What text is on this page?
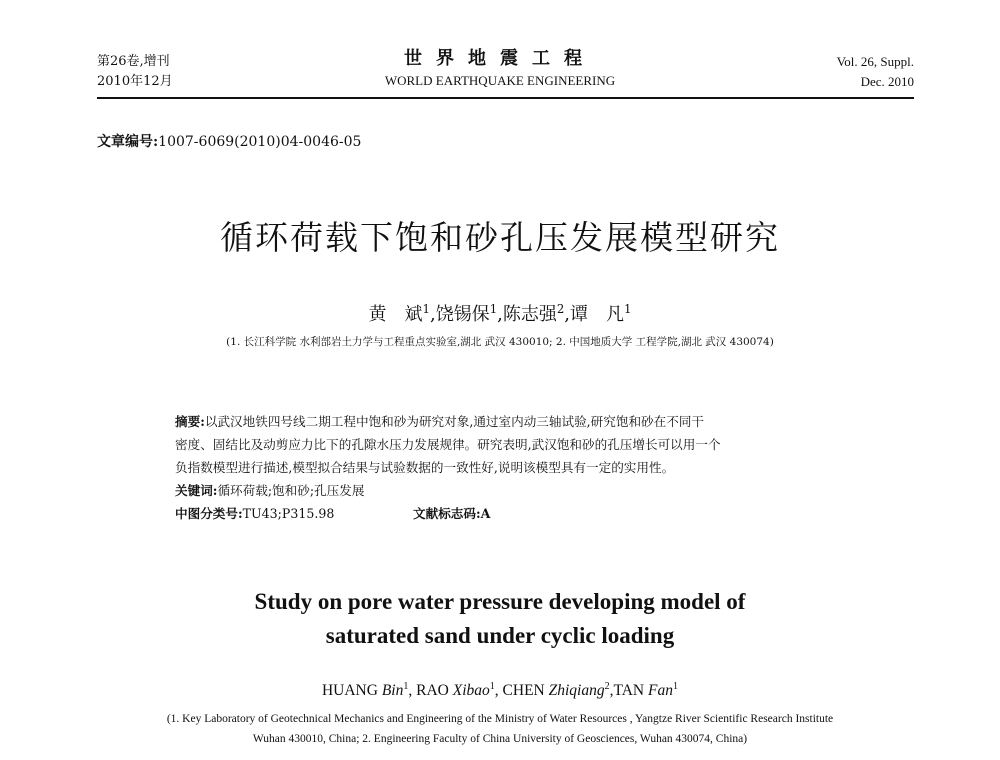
第26卷,增刊
2010年12月
世界地震工程
WORLD EARTHQUAKE ENGINEERING
Vol. 26, Suppl.
Dec. 2010
文章编号:1007-6069(2010)04-0046-05
循环荷载下饱和砂孔压发展模型研究
黄　斌$^1$,饶锡保$^1$,陈志强$^2$,谭　凡$^1$
(1. 长江科学院 水利部岩土力学与工程重点实验室,湖北 武汉 430010; 2. 中国地质大学 工程学院,湖北 武汉 430074)
摘要:以武汉地铁四号线二期工程中饱和砂为研究对象,通过室内动三轴试验,研究饱和砂在不同干
密度、固结比及动剪应力比下的孔隙水压力发展规律。研究表明,武汉饱和砂的孔压增长可以用一个
负指数模型进行描述,模型拟合结果与试验数据的一致性好,说明该模型具有一定的实用性。
关键词:循环荷载;饱和砂;孔压发展
中图分类号:TU43;P315.98	文献标志码:A
Study on pore water pressure developing model of
saturated sand under cyclic loading
HUANG Bin$^1$, RAO Xibao$^1$, CHEN Zhiqiang$^2$,TAN Fan$^1$
(1. Key Laboratory of Geotechnical Mechanics and Engineering of the Ministry of Water Resources , Yangtze River Scientific Research Institute
Wuhan 430010, China; 2. Engineering Faculty of China University of Geosciences, Wuhan 430074, China)
